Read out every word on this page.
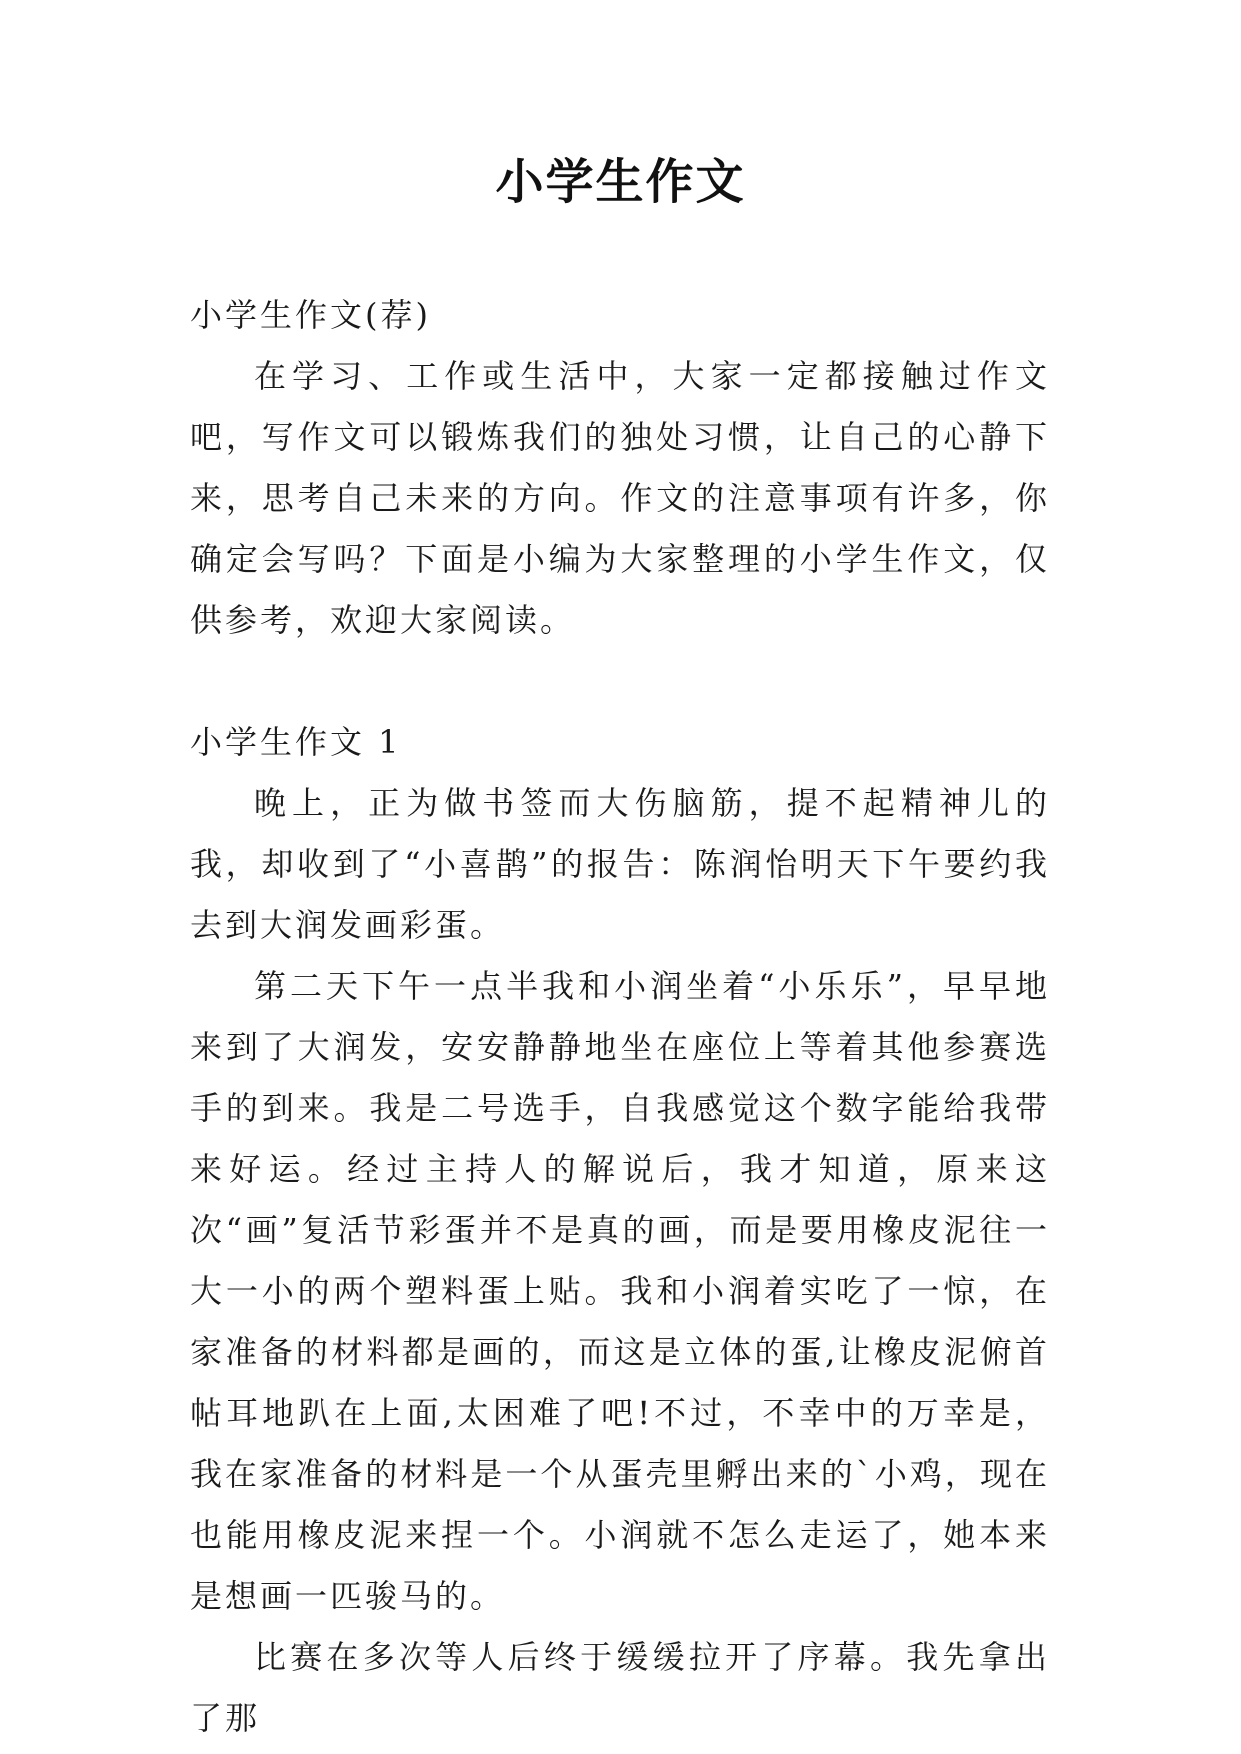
小学生作文

小学生作文(荐)

在学习、工作或生活中，大家一定都接触过作文吧，写作文可以锻炼我们的独处习惯，让自己的心静下来，思考自己未来的方向。作文的注意事项有许多，你确定会写吗？下面是小编为大家整理的小学生作文，仅供参考，欢迎大家阅读。

小学生作文 1

晚上，正为做书签而大伤脑筋，提不起精神儿的我，却收到了“小喜鹊”的报告：陈润怡明天下午要约我去到大润发画彩蛋。

第二天下午一点半我和小润坐着“小乐乐”，早早地来到了大润发，安安静静地坐在座位上等着其他参赛选手的到来。我是二号选手，自我感觉这个数字能给我带来好运。经过主持人的解说后，我才知道，原来这次“画”复活节彩蛋并不是真的画，而是要用橡皮泥往一大一小的两个塑料蛋上贴。我和小润着实吃了一惊，在家准备的材料都是画的，而这是立体的蛋,让橡皮泥俯首帖耳地趴在上面,太困难了吧!不过，不幸中的万幸是，我在家准备的材料是一个从蛋壳里孵出来的`小鸡，现在也能用橡皮泥来捏一个。小润就不怎么走运了，她本来是想画一匹骏马的。

比赛在多次等人后终于缓缓拉开了序幕。我先拿出了那
